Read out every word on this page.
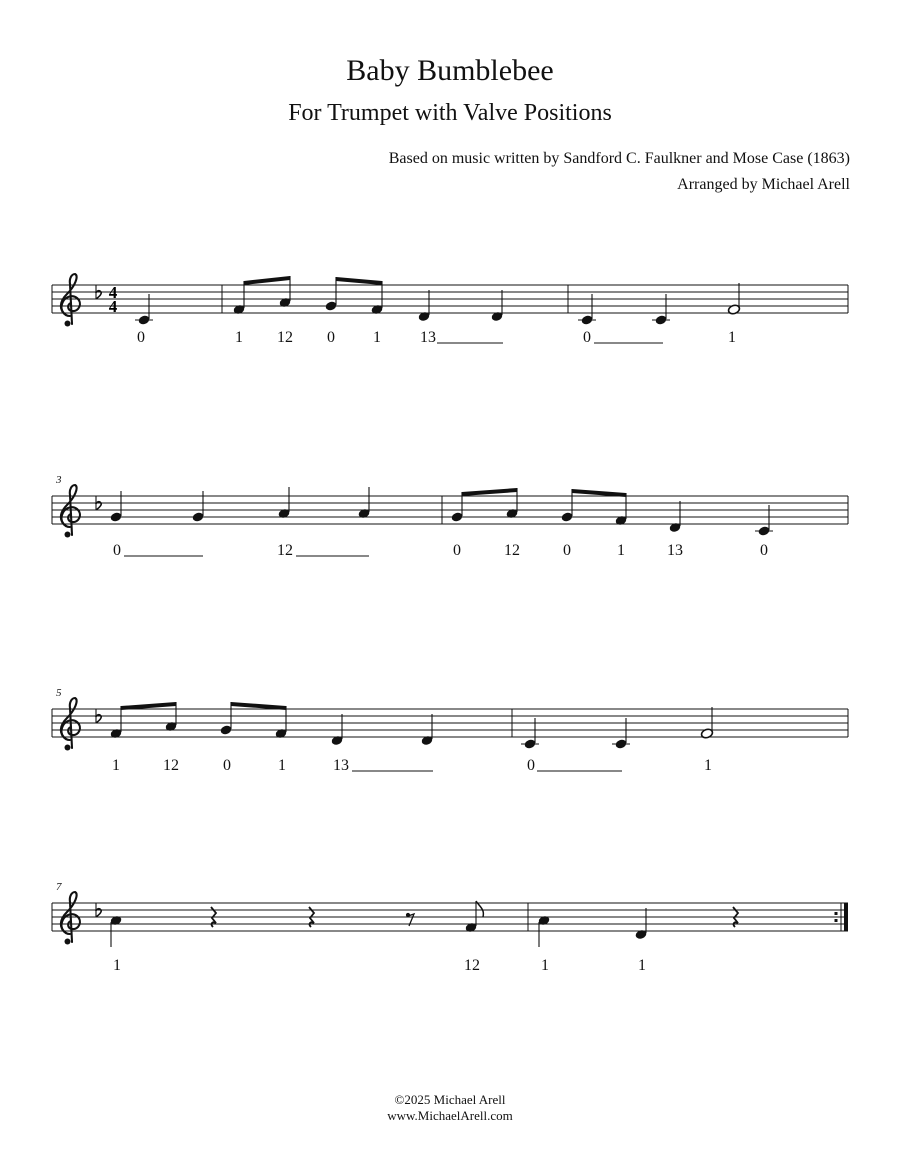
Baby Bumblebee
For Trumpet with Valve Positions
Based on music written by Sandford C. Faulkner and Mose Case (1863)
Arranged by Michael Arell
4
4
0	1 12 0 1 13	0	1
3
0	12	0	12	0	1	13	0
5
1	12	0	1	13	0	1
7
1	12	1	1
©2025 Michael Arell
www.MichaelArell.com
